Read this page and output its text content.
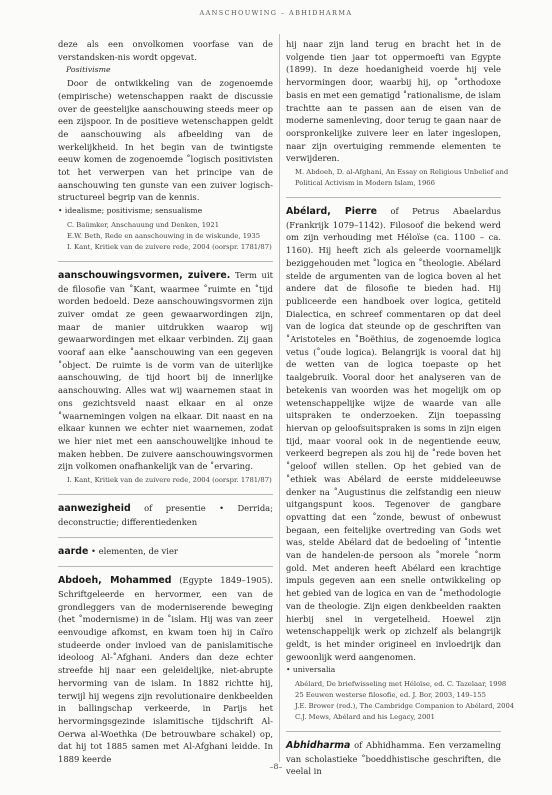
AANSCHOUWING – ABHIDHARMA

deze als een onvolkomen voorfase van de verstandsken-nis wordt opgevat.

Positivisme

Door de ontwikkeling van de zogenoemde (empirische) wetenschappen raakt de discussie over de geestelijke aanschouwing steeds meer op een zijspoor. In de positieve wetenschappen geldt de aanschouwing als afbeelding van de werkelijkheid. In het begin van de twintigste eeuw komen de zogenoemde ˚logisch positivisten tot het verwerpen van het principe van de aanschouwing ten gunste van een zuiver logisch-structureel begrip van de kennis.

• idealisme; positivisme; sensualisme
C. Baümker, Anschauung und Denken, 1921
E.W. Beth, Rede en aanschouwing in de wiskunde, 1935
I. Kant, Kritiek van de zuivere rede, 2004 (oorspr. 1781/87)

aanschouwingsvormen, zuivere. Term uit de filosofie van ˚Kant, waarmee ˚ruimte en ˚tijd worden bedoeld. Deze aanschouwingsvormen zijn zuiver omdat ze geen gewaarwordingen zijn, maar de manier uitdrukken waarop wij gewaarwordingen met elkaar verbinden. Zij gaan vooraf aan elke ˚aanschouwing van een gegeven ˚object. De ruimte is de vorm van de uiterlijke aanschouwing, de tijd hoort bij de innerlijke aanschouwing. Alles wat wij waarnemen staat in ons gezichtsveld naast elkaar en al onze ˚waarnemingen volgen na elkaar. Dit naast en na elkaar kunnen we echter niet waarnemen, zodat we hier niet met een aanschouwelijke inhoud te maken hebben. De zuivere aanschouwingsvormen zijn volkomen onafhankelijk van de ˚ervaring.

I. Kant, Kritiek van de zuivere rede, 2004 (oorspr. 1781/87)

aanwezigheid of presentie • Derrida; deconstructie; differentiedenken

aarde • elementen, de vier

Abdoeh, Mohammed (Egypte 1849–1905). Schriftgeleerde en hervormer, een van de grondleggers van de moderniserende beweging (het ˚modernisme) in de ˚islam. Hij was van zeer eenvoudige afkomst, en kwam toen hij in Caïro studeerde onder invloed van de panislamitische ideoloog Al-˚Afghani. Anders dan deze echter streefde hij naar een geleidelijke, niet-abrupte hervorming van de islam. In 1882 richtte hij, terwijl hij wegens zijn revolutionaire denkbeelden in ballingschap verkeerde, in Parijs het hervormingsgezinde islamitische tijdschrift Al-Oerwa al-Woethka (De betrouwbare schakel) op, dat hij tot 1885 samen met Al-Afghani leidde. In 1889 keerde

hij naar zijn land terug en bracht het in de volgende tien jaar tot oppermoefti van Egypte (1899). In deze hoedanigheid voerde hij vele hervormingen door, waarbij hij, op ˚orthodoxe basis en met een gematigd ˚rationalisme, de islam trachtte aan te passen aan de eisen van de moderne samenleving, door terug te gaan naar de oorspronkelijke zuivere leer en later ingeslopen, naar zijn overtuiging remmende elementen te verwijderen.

M. Abdoeh, D. al-Afghani, An Essay on Religious Unbelief and
Political Activism in Modern Islam, 1966

Abélard, Pierre of Petrus Abaelardus (Frankrijk 1079–1142). Filosoof die bekend werd om zijn verhouding met Héloïse (ca. 1100 – ca. 1160). Hij heeft zich als geleerde voornamelijk beziggehouden met ˚logica en ˚theologie. Abélard stelde de argumenten van de logica boven al het andere dat de filosofie te bieden had. Hij publiceerde een handboek over logica, getiteld Dialectica, en schreef commentaren op dat deel van de logica dat steunde op de geschriften van ˚Aristoteles en ˚Boëthius, de zogenoemde logica vetus (˚oude logica). Belangrijk is vooral dat hij de wetten van de logica toepaste op het taalgebruik. Vooral door het analyseren van de betekenis van woorden was het mogelijk om op wetenschappelijke wijze de waarde van alle uitspraken te onderzoeken. Zijn toepassing hiervan op geloofsuitspraken is soms in zijn eigen tijd, maar vooral ook in de negentiende eeuw, verkeerd begrepen als zou hij de ˚rede boven het ˚geloof willen stellen. Op het gebied van de ˚ethiek was Abélard de eerste middeleeuwse denker na ˚Augustinus die zelfstandig een nieuw uitgangspunt koos. Tegenover de gangbare opvatting dat een ˚zonde, bewust of onbewust begaan, een feitelijke overtreding van Gods wet was, stelde Abélard dat de bedoeling of ˚intentie van de handelen-de persoon als ˚morele ˚norm gold. Met anderen heeft Abélard een krachtige impuls gegeven aan een snelle ontwikkeling op het gebied van de logica en van de ˚methodologie van de theologie. Zijn eigen denkbeelden raakten hierbij snel in vergetelheid. Hoewel zijn wetenschappelijk werk op zichzelf als belangrijk geldt, is het minder origineel en invloedrijk dan gewoonlijk werd aangenomen.

• universalia
Abélard, De briefwisseling met Héloïse, ed. C. Tazelaar, 1998
25 Eeuwen westerse filosofie, ed. J. Bor, 2003, 149–155
J.E. Brower (red.), The Cambridge Companion to Abélard, 2004
C.J. Mews, Abélard and his Legacy, 2001

Abhidharma of Abhidhamma. Een verzameling van scholastieke ˚boeddhistische geschriften, die veelal in

–8–
